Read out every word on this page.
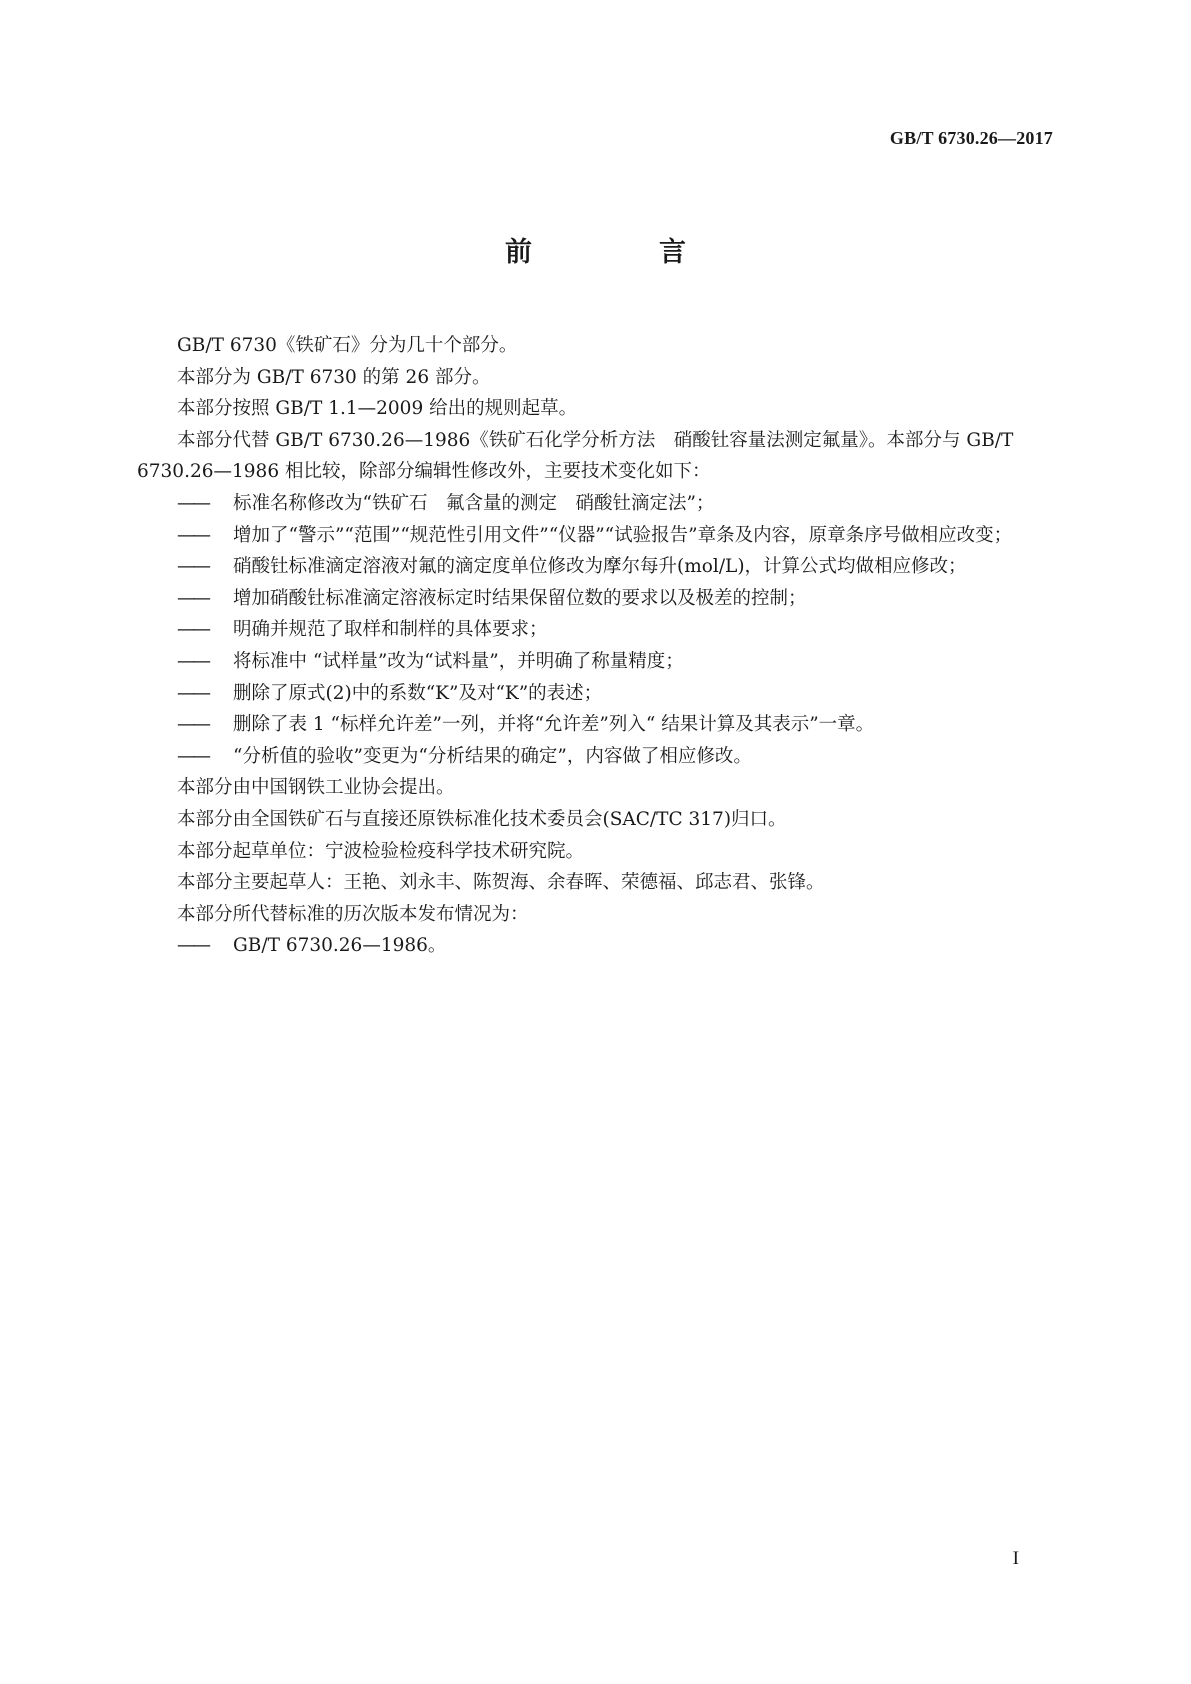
GB/T 6730.26—2017
前　言

GB/T 6730《铁矿石》分为几十个部分。

本部分为 GB/T 6730 的第 26 部分。

本部分按照 GB/T 1.1—2009 给出的规则起草。

本部分代替 GB/T 6730.26—1986《铁矿石化学分析方法　硝酸钍容量法测定氟量》。本部分与 GB/T 6730.26—1986 相比较，除部分编辑性修改外，主要技术变化如下：

——	标准名称修改为“铁矿石　氟含量的测定　硝酸钍滴定法”；
——	增加了“警示”“范围”“规范性引用文件”“仪器”“试验报告”章条及内容，原章条序号做相应改变；
——	硝酸钍标准滴定溶液对氟的滴定度单位修改为摩尔每升(mol/L)，计算公式均做相应修改；
——	增加硝酸钍标准滴定溶液标定时结果保留位数的要求以及极差的控制；
——	明确并规范了取样和制样的具体要求；
——	将标准中 “试样量”改为“试料量”，并明确了称量精度；
——	删除了原式(2)中的系数“K”及对“K”的表述；
——	删除了表 1 “标样允许差”一列，并将“允许差”列入“ 结果计算及其表示”一章。
——	“分析值的验收”变更为“分析结果的确定”，内容做了相应修改。

本部分由中国钢铁工业协会提出。

本部分由全国铁矿石与直接还原铁标准化技术委员会(SAC/TC 317)归口。

本部分起草单位：宁波检验检疫科学技术研究院。

本部分主要起草人：王艳、刘永丰、陈贺海、余春晖、荣德福、邱志君、张锋。

本部分所代替标准的历次版本发布情况为：

——	GB/T 6730.26—1986。
I
